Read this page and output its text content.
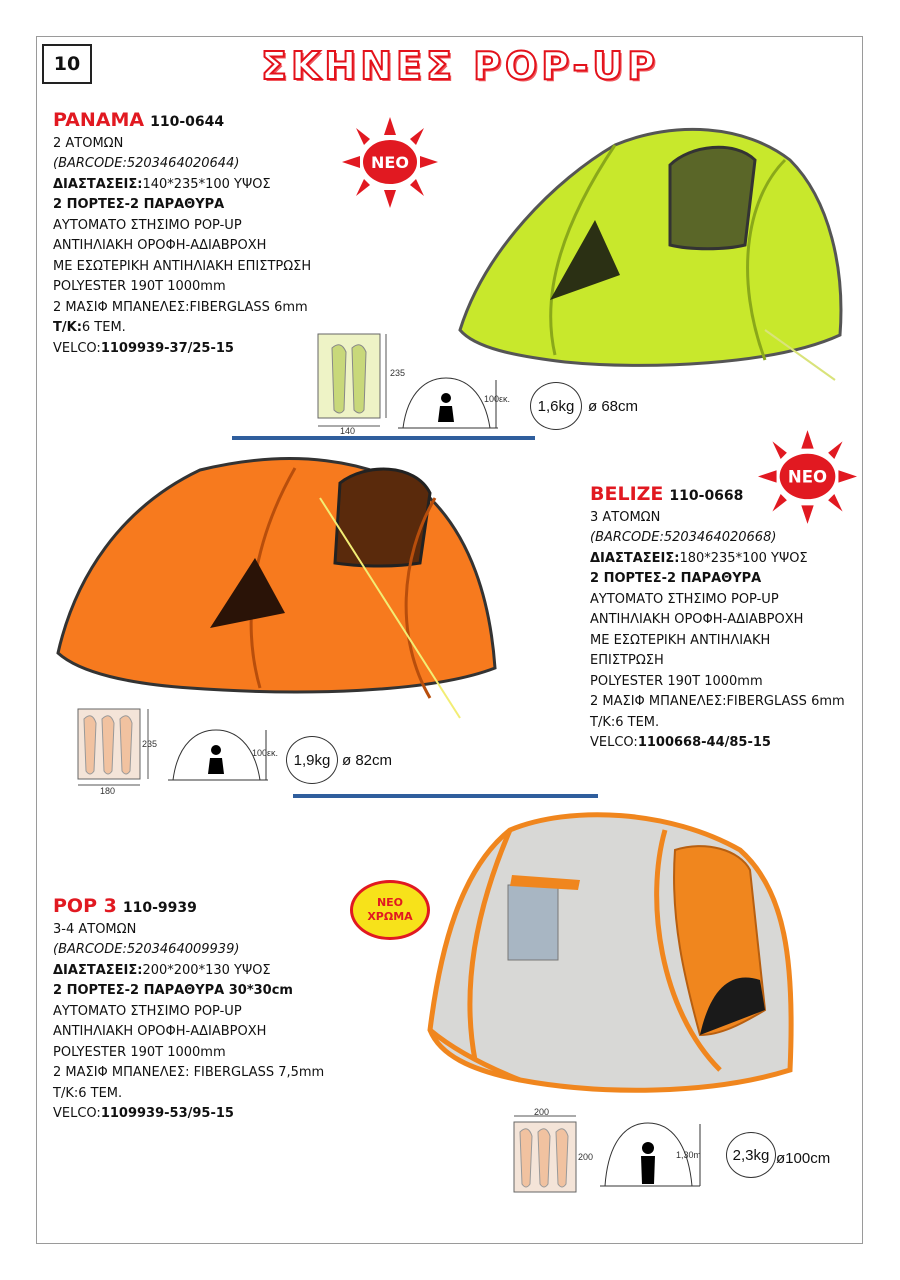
10	ΣΚΗΝΕΣ POP-UP
PANAMA 110-0644
2 ΑΤΟΜΩΝ
(BARCODE:5203464020644)
ΔΙΑΣΤΑΣΕΙΣ:140*235*100 ΥΨΟΣ
2 ΠΟΡΤΕΣ-2 ΠΑΡΑΘΥΡΑ
ΑΥΤΟΜΑΤΟ ΣΤΗΣΙΜΟ POP-UP
ΑΝΤΙΗΛΙΑΚΗ ΟΡΟΦΗ-ΑΔΙΑΒΡΟΧΗ
ΜΕ ΕΣΩΤΕΡΙΚΗ ΑΝΤΙΗΛΙΑΚΗ ΕΠΙΣΤΡΩΣΗ
POLYESTER 190T 1000mm
2 ΜΑΣΙΦ ΜΠΑΝΕΛΕΣ:FIBERGLASS 6mm
Τ/Κ:6 ΤΕΜ.
VELCO:1109939-37/25-15
ΝΕΟ
235
140
100εκ. 1,6kg ø 68cm
ΝΕΟ
BELIZE 110-0668
3 ΑΤΟΜΩΝ
(BARCODE:5203464020668)
ΔΙΑΣΤΑΣΕΙΣ:180*235*100 ΥΨΟΣ
2 ΠΟΡΤΕΣ-2 ΠΑΡΑΘΥΡΑ
ΑΥΤΟΜΑΤΟ ΣΤΗΣΙΜΟ POP-UP
ΑΝΤΙΗΛΙΑΚΗ ΟΡΟΦΗ-ΑΔΙΑΒΡΟΧΗ
ΜΕ ΕΣΩΤΕΡΙΚΗ ΑΝΤΙΗΛΙΑΚΗ
ΕΠΙΣΤΡΩΣΗ
POLYESTER 190T 1000mm
2 ΜΑΣΙΦ ΜΠΑΝΕΛΕΣ:FIBERGLASS 6mm
Τ/Κ:6 ΤΕΜ.
VELCO:1100668-44/85-15
235
180
100εκ. 1,9kg ø 82cm
ΝΕΟ
ΧΡΩΜΑ
POP 3 110-9939
3-4 ΑΤΟΜΩΝ
(BARCODE:5203464009939)
ΔΙΑΣΤΑΣΕΙΣ:200*200*130 ΥΨΟΣ
2 ΠΟΡΤΕΣ-2 ΠΑΡΑΘΥΡΑ 30*30cm
ΑΥΤΟΜΑΤΟ ΣΤΗΣΙΜΟ POP-UP
ΑΝΤΙΗΛΙΑΚΗ ΟΡΟΦΗ-ΑΔΙΑΒΡΟΧΗ
POLYESTER 190T 1000mm
2 ΜΑΣΙΦ ΜΠΑΝΕΛΕΣ: FIBERGLASS 7,5mm
Τ/Κ:6 ΤΕΜ.
VELCO:1109939-53/95-15	200
200	1,30m 2,3kg ø100cm
